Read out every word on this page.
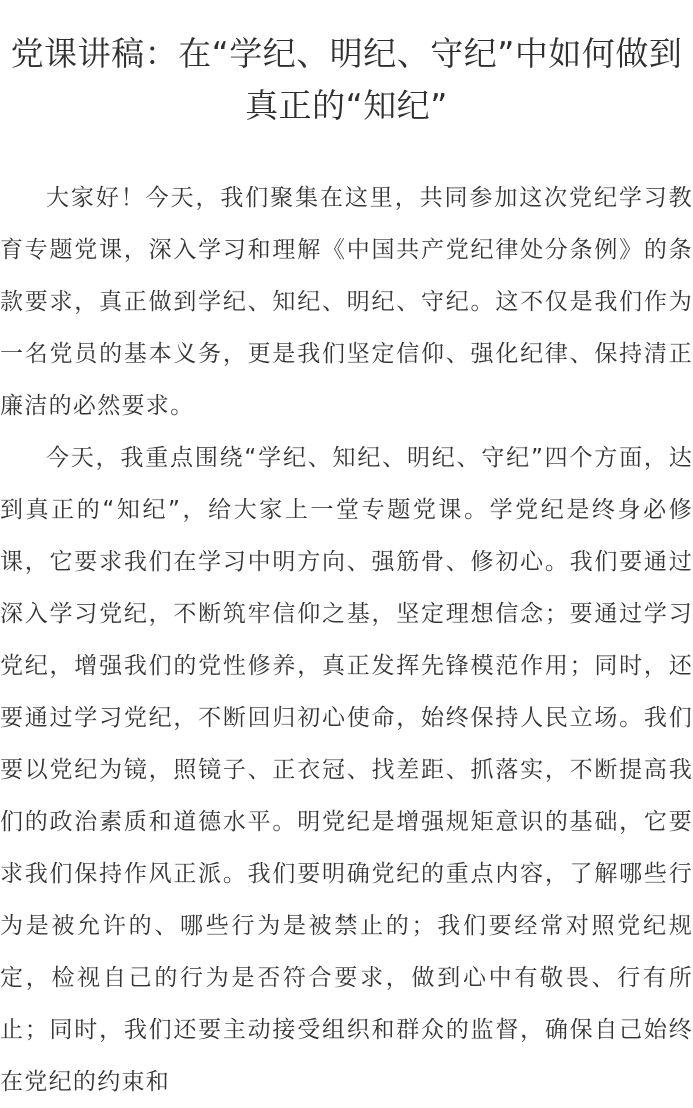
党课讲稿：在“学纪、明纪、守纪”中如何做到真正的“知纪”

大家好！今天，我们聚集在这里，共同参加这次党纪学习教育专题党课，深入学习和理解《中国共产党纪律处分条例》的条款要求，真正做到学纪、知纪、明纪、守纪。这不仅是我们作为一名党员的基本义务，更是我们坚定信仰、强化纪律、保持清正廉洁的必然要求。

今天，我重点围绕“学纪、知纪、明纪、守纪”四个方面，达到真正的“知纪”，给大家上一堂专题党课。学党纪是终身必修课，它要求我们在学习中明方向、强筋骨、修初心。我们要通过深入学习党纪，不断筑牢信仰之基，坚定理想信念；要通过学习党纪，增强我们的党性修养，真正发挥先锋模范作用；同时，还要通过学习党纪，不断回归初心使命，始终保持人民立场。我们要以党纪为镜，照镜子、正衣冠、找差距、抓落实，不断提高我们的政治素质和道德水平。明党纪是增强规矩意识的基础，它要求我们保持作风正派。我们要明确党纪的重点内容，了解哪些行为是被允许的、哪些行为是被禁止的；我们要经常对照党纪规定，检视自己的行为是否符合要求，做到心中有敬畏、行有所止；同时，我们还要主动接受组织和群众的监督，确保自己始终在党纪的约束和
